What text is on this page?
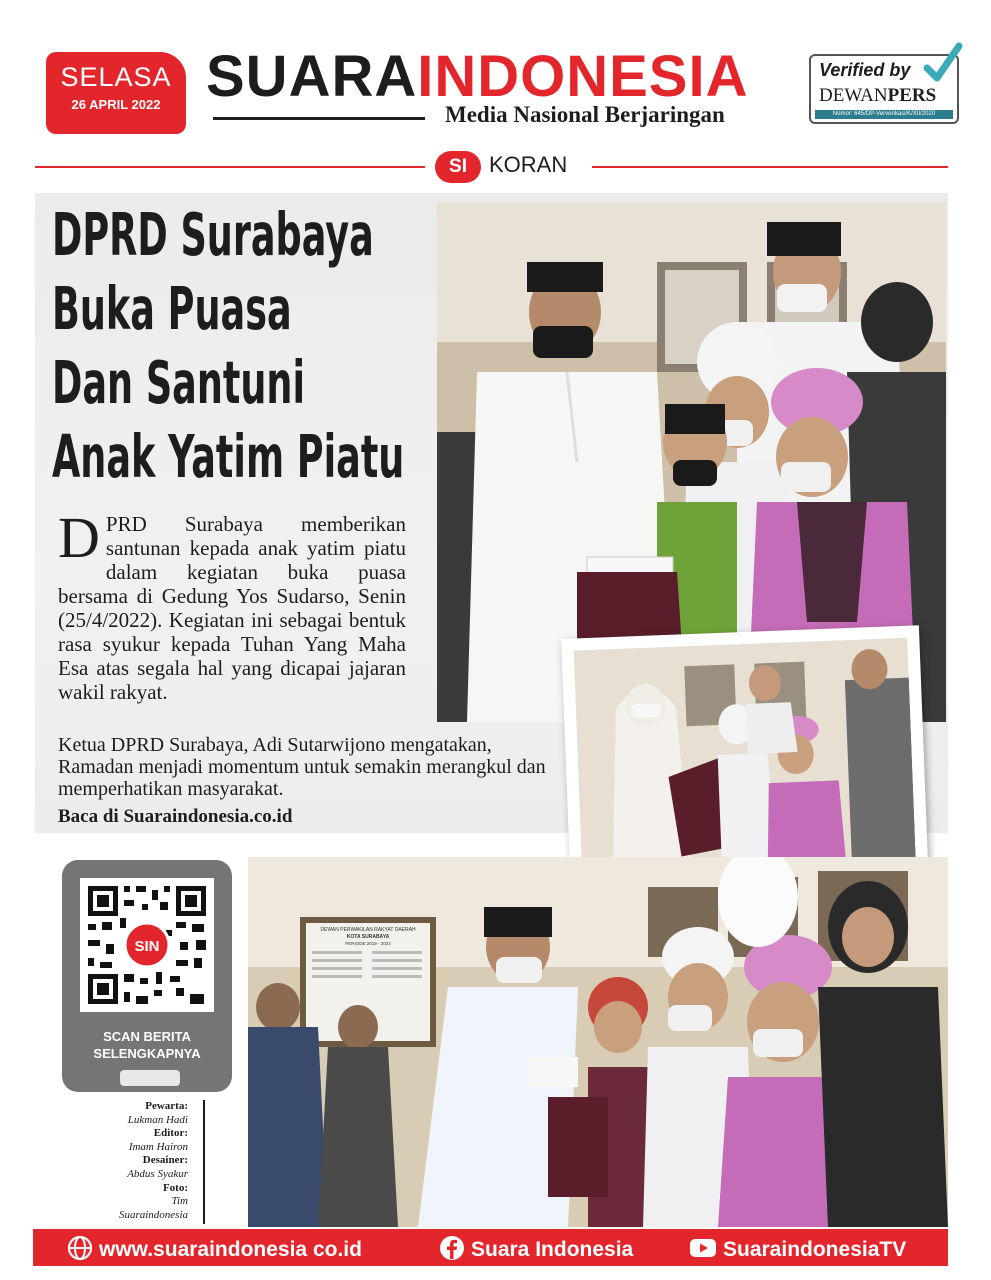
SELASA
26 APRIL 2022 SUARAINDONESIA
Media Nasional Berjaringan
Verified by
DEWANPERS
Nomor: 645/DP-Ververikasi/K/XII/2020
SI	KORAN
DPRD Surabaya
Buka Puasa
Dan Santuni
Anak Yatim Piatu
DPRD Surabaya memberikan santunan kepada anak yatim piatu dalam kegiatan buka puasa bersama di Gedung Yos Sudarso, Senin (25/4/2022). Kegiatan ini sebagai bentuk rasa syukur kepada Tuhan Yang Maha Esa atas segala hal yang dicapai jajaran wakil rakyat.
Ketua DPRD Surabaya, Adi Sutarwijono mengatakan, Ramadan menjadi momentum untuk semakin merangkul dan memperhatikan masyarakat.
Baca di Suaraindonesia.co.id
SIN
SCAN BERITA
SELENGKAPNYA
DEWAN PERWAKILAN RAKYAT DAERAH
KOTA SURABAYA
PERIODE 2019 - 2024
Pewarta:
Lukman Hadi
Editor:
Imam Hairon
Desainer:
Abdus Syakur
Foto:
Tim
Suaraindonesia
www.suaraindonesia co.id	Suara Indonesia	SuaraindonesiaTV
